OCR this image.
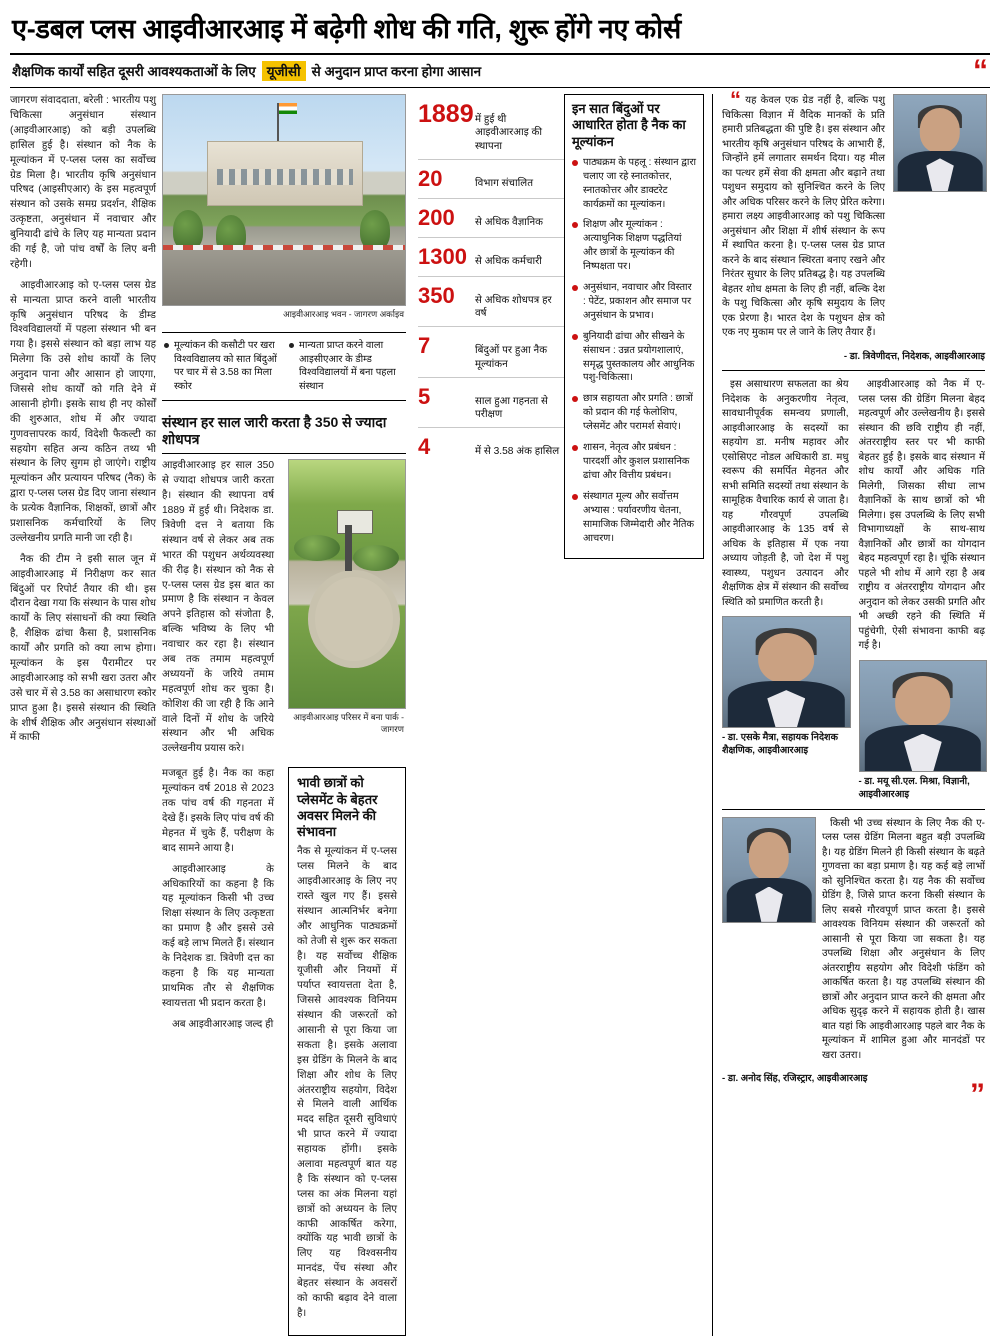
ए-डबल प्लस आइवीआरआइ में बढ़ेगी शोध की गति, शुरू होंगे नए कोर्स
शैक्षणिक कार्यों सहित दूसरी आवश्यकताओं के लिए यूजीसी से अनुदान प्राप्त करना होगा आसान	“

जागरण संवाददाता, बरेली : भारतीय पशु चिकित्सा अनुसंधान संस्थान (आइवीआरआइ) को बड़ी उपलब्धि हासिल हुई है। संस्थान को नैक के मूल्यांकन में ए-प्लस प्लस का सर्वोच्च ग्रेड मिला है। भारतीय कृषि अनुसंधान परिषद (आइसीएआर) के इस महत्वपूर्ण संस्थान को उसके समग्र प्रदर्शन, शैक्षिक उत्कृष्टता, अनुसंधान में नवाचार और बुनियादी ढांचे के लिए यह मान्यता प्रदान की गई है, जो पांच वर्षों के लिए बनी रहेगी।

आइवीआरआइ को ए-प्लस प्लस ग्रेड से मान्यता प्राप्त करने वाली भारतीय कृषि अनुसंधान परिषद के डीम्ड विश्वविद्यालयों में पहला संस्थान भी बन गया है। इससे संस्थान को बड़ा लाभ यह मिलेगा कि उसे शोध कार्यों के लिए अनुदान पाना और आसान हो जाएगा, जिससे शोध कार्यों को गति देने में आसानी होगी। इसके साथ ही नए कोर्सों की शुरुआत, शोध में और ज्यादा गुणवत्तापरक कार्य, विदेशी फैकल्टी का सहयोग सहित अन्य कठिन तथ्य भी संस्थान के लिए सुगम हो जाएंगे। राष्ट्रीय मूल्यांकन और प्रत्यायन परिषद (नैक) के द्वारा ए-प्लस प्लस ग्रेड दिए जाना संस्थान के प्रत्येक वैज्ञानिक, शिक्षकों, छात्रों और प्रशासनिक कर्मचारियों के लिए उल्लेखनीय प्रगति मानी जा रही है।

नैक की टीम ने इसी साल जून में आइवीआरआइ में निरीक्षण कर सात बिंदुओं पर रिपोर्ट तैयार की थी। इस दौरान देखा गया कि संस्थान के पास शोध कार्यों के लिए संसाधनों की क्या स्थिति है, शैक्षिक ढांचा कैसा है, प्रशासनिक कार्यों और प्रगति को क्या लाभ होगा। मूल्यांकन के इस पैरामीटर पर आइवीआरआइ को सभी खरा उतरा और उसे चार में से 3.58 का असाधारण स्कोर प्राप्त हुआ है। इससे संस्थान की स्थिति के शीर्ष शैक्षिक और अनुसंधान संस्थाओं में काफी

आइवीआरआइ भवन - जागरण अर्काइव
मूल्यांकन की कसौटी पर खरा विश्वविद्यालय को सात बिंदुओं पर चार में से 3.58 का मिला स्कोर
मान्यता प्राप्त करने वाला आइसीएआर के डीम्ड विश्वविद्यालयों में बना पहला संस्थान
संस्थान हर साल जारी करता है 350 से ज्यादा शोधपत्र

आइवीआरआइ हर साल 350 से ज्यादा शोधपत्र जारी करता है। संस्थान की स्थापना वर्ष 1889 में हुई थी। निदेशक डा. त्रिवेणी दत्त ने बताया कि संस्थान वर्ष से लेकर अब तक भारत की पशुधन अर्थव्यवस्था की रीढ़ है। संस्थान को नैक से ए-प्लस प्लस ग्रेड इस बात का प्रमाण है कि संस्थान न केवल अपने इतिहास को संजोता है, बल्कि भविष्य के लिए भी नवाचार कर रहा है। संस्थान अब तक तमाम महत्वपूर्ण अध्ययनों के जरिये तमाम महत्वपूर्ण शोध कर चुका है। कोशिश की जा रही है कि आने वाले दिनों में शोध के जरिये संस्थान और भी अधिक उल्लेखनीय प्रयास करे।

आइवीआरआइ परिसर में बना पार्क - जागरण

मजबूत हुई है। नैक का कहा मूल्यांकन वर्ष 2018 से 2023 तक पांच वर्ष की गहनता में देखे हैं। इसके लिए पांच वर्ष की मेहनत में चुके हैं, परीक्षण के बाद सामने आया है।

आइवीआरआइ के अधिकारियों का कहना है कि यह मूल्यांकन किसी भी उच्च शिक्षा संस्थान के लिए उत्कृष्टता का प्रमाण है और इससे उसे कई बड़े लाभ मिलते हैं। संस्थान के निदेशक डा. त्रिवेणी दत्त का कहना है कि यह मान्यता प्राथमिक तौर से शैक्षणिक स्वायत्तता भी प्रदान करता है।

अब आइवीआरआइ जल्द ही

भावी छात्रों को प्लेसमेंट के बेहतर अवसर मिलने की संभावना

नैक से मूल्यांकन में ए-प्लस प्लस मिलने के बाद आइवीआरआइ के लिए नए रास्ते खुल गए हैं। इससे संस्थान आत्मनिर्भर बनेगा और आधुनिक पाठ्यक्रमों को तेजी से शुरू कर सकता है। यह सर्वोच्च शैक्षिक यूजीसी और नियमों में पर्याप्त स्वायत्तता देता है, जिससे आवश्यक विनियम संस्थान की जरूरतों को आसानी से पूरा किया जा सकता है। इसके अलावा इस ग्रेडिंग के मिलने के बाद शिक्षा और शोध के लिए अंतरराष्ट्रीय सहयोग, विदेश से मिलने वाली आर्थिक मदद सहित दूसरी सुविधाएं भी प्राप्त करने में ज्यादा सहायक होंगी। इसके अलावा महत्वपूर्ण बात यह है कि संस्थान को ए-प्लस प्लस का अंक मिलना यहां छात्रों को अध्ययन के लिए काफी आकर्षित करेगा, क्योंकि यह भावी छात्रों के लिए यह विश्वसनीय मानदंड, पेंच संस्था और बेहतर संस्थान के अवसरों को काफी बढ़ाव देने वाला है।

1889 में हुई थी आइवीआरआइ की स्थापना
20	विभाग संचालित
200	से अधिक वैज्ञानिक
1300 से अधिक कर्मचारी
350	से अधिक शोधपत्र हर वर्ष
7	बिंदुओं पर हुआ नैक मूल्यांकन
5	साल हुआ गहनता से परीक्षण
4	में से 3.58 अंक हासिल
इन सात बिंदुओं पर आधारित होता है नैक का मूल्यांकन
पाठ्यक्रम के पहलू : संस्थान द्वारा चलाए जा रहे स्नातकोत्तर, स्नातकोत्तर और डाक्टरेट कार्यक्रमों का मूल्यांकन।
शिक्षण और मूल्यांकन : अत्याधुनिक शिक्षण पद्धतियां और छात्रों के मूल्यांकन की निष्पक्षता पर।
अनुसंधान, नवाचार और विस्तार : पेटेंट, प्रकाशन और समाज पर अनुसंधान के प्रभाव।
बुनियादी ढांचा और सीखने के संसाधन : उन्नत प्रयोगशालाएं, समृद्ध पुस्तकालय और आधुनिक पशु-चिकित्सा।
छात्र सहायता और प्रगति : छात्रों को प्रदान की गई फेलोशिप, प्लेसमेंट और परामर्श सेवाएं।
शासन, नेतृत्व और प्रबंधन : पारदर्शी और कुशल प्रशासनिक ढांचा और वित्तीय प्रबंधन।
संस्थागत मूल्य और सर्वोत्तम अभ्यास : पर्यावरणीय चेतना, सामाजिक जिम्मेदारी और नैतिक आचरण।

“ यह केवल एक ग्रेड नहीं है, बल्कि पशु चिकित्सा विज्ञान में वैदिक मानकों के प्रति हमारी प्रतिबद्धता की पुष्टि है। इस संस्थान और भारतीय कृषि अनुसंधान परिषद के आभारी हैं, जिन्होंने हमें लगातार समर्थन दिया। यह मील का पत्थर हमें सेवा की क्षमता और बढ़ाने तथा पशुधन समुदाय को सुनिश्चित करने के लिए और अधिक परिसर करने के लिए प्रेरित करेगा। हमारा लक्ष्य आइवीआरआइ को पशु चिकित्सा अनुसंधान और शिक्षा में शीर्ष संस्थान के रूप में स्थापित करना है। ए-प्लस प्लस ग्रेड प्राप्त करने के बाद संस्थान स्थिरता बनाए रखने और निरंतर सुधार के लिए प्रतिबद्ध है। यह उपलब्धि बेहतर शोध क्षमता के लिए ही नहीं, बल्कि देश के पशु चिकित्सा और कृषि समुदाय के लिए एक प्रेरणा है। भारत देश के पशुधन क्षेत्र को एक नए मुकाम पर ले जाने के लिए तैयार हैं।

- डा. त्रिवेणीदत्त, निदेशक, आइवीआरआइ

इस असाधारण सफलता का श्रेय निदेशक के अनुकरणीय नेतृत्व, सावधानीपूर्वक समन्वय प्रणाली, आइवीआरआइ के सदस्यों का सहयोग डा. मनीष महावर और एसोसिएट नोडल अधिकारी डा. मधु स्वरूप की समर्पित मेहनत और सभी समिति सदस्यों तथा संस्थान के सामूहिक वैचारिक कार्य से जाता है। यह गौरवपूर्ण उपलब्धि आइवीआरआइ के 135 वर्ष से अधिक के इतिहास में एक नया अध्याय जोड़ती है, जो देश में पशु स्वास्थ्य, पशुधन उत्पादन और शैक्षणिक क्षेत्र में संस्थान की सर्वोच्च स्थिति को प्रमाणित करती है।

- डा. एसके मैत्रा, सहायक निदेशक शैक्षणिक, आइवीआरआइ

आइवीआरआइ को नैक में ए-प्लस प्लस की ग्रेडिंग मिलना बेहद महत्वपूर्ण और उल्लेखनीय है। इससे संस्थान की छवि राष्ट्रीय ही नहीं, अंतरराष्ट्रीय स्तर पर भी काफी बेहतर हुई है। इसके बाद संस्थान में शोध कार्यों और अधिक गति मिलेगी, जिसका सीधा लाभ वैज्ञानिकों के साथ छात्रों को भी मिलेगा। इस उपलब्धि के लिए सभी विभागाध्यक्षों के साथ-साथ वैज्ञानिकों और छात्रों का योगदान बेहद महत्वपूर्ण रहा है। चूंकि संस्थान पहले भी शोध में आगे रहा है अब राष्ट्रीय व अंतरराष्ट्रीय योगदान और अनुदान को लेकर उसकी प्रगति और भी अच्छी रहने की स्थिति में पहुंचेगी, ऐसी संभावना काफी बढ़ गई है।

- डा. मयू सी.एल. मिश्रा, विज्ञानी, आइवीआरआइ

किसी भी उच्च संस्थान के लिए नैक की ए-प्लस प्लस ग्रेडिंग मिलना बहुत बड़ी उपलब्धि है। यह ग्रेडिंग मिलने ही किसी संस्थान के बढ़ते गुणवत्ता का बड़ा प्रमाण है। यह कई बड़े लाभों को सुनिश्चित करता है। यह नैक की सर्वोच्च ग्रेडिंग है, जिसे प्राप्त करना किसी संस्थान के लिए सबसे गौरवपूर्ण प्राप्त करता है। इससे आवश्यक विनियम संस्थान की जरूरतों को आसानी से पूरा किया जा सकता है। यह उपलब्धि शिक्षा और अनुसंधान के लिए अंतरराष्ट्रीय सहयोग और विदेशी फंडिंग को आकर्षित करता है। यह उपलब्धि संस्थान की छात्रों और अनुदान प्राप्त करने की क्षमता और अधिक सुदृढ़ करने में सहायक होती है। खास बात यहां कि आइवीआरआइ पहले बार नैक के मूल्यांकन में शामिल हुआ और मानदंडों पर खरा उतरा।

- डा. अनोद सिंह, रजिस्ट्रार, आइवीआरआइ	”
